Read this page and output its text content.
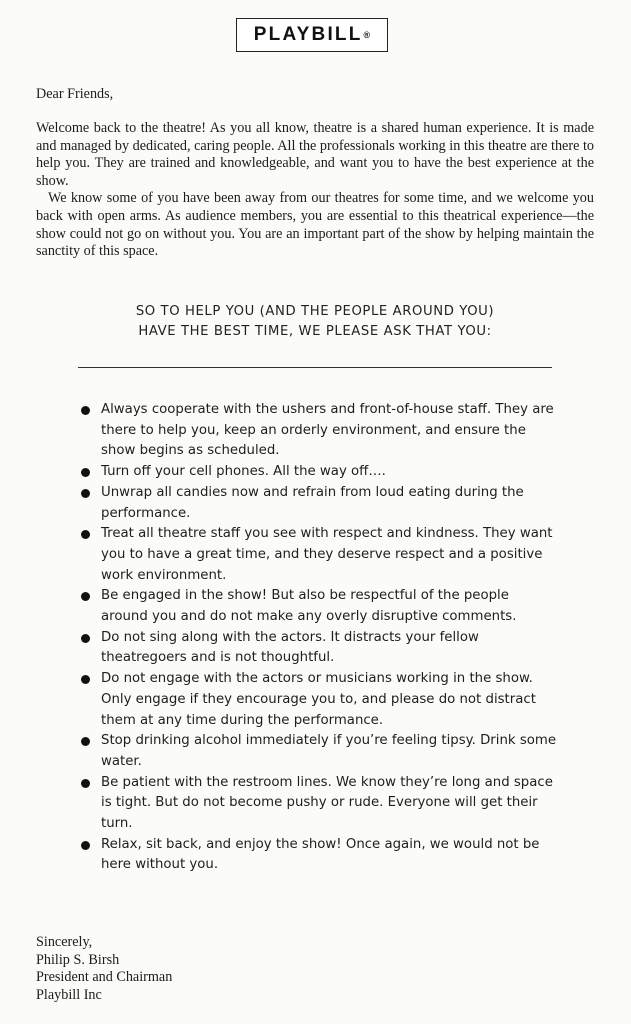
PLAYBILL ®
Dear Friends,

Welcome back to the theatre! As you all know, theatre is a shared human experience. It is made and managed by dedicated, caring people. All the professionals working in this theatre are there to help you. They are trained and knowledgeable, and want you to have the best experience at the show.

We know some of you have been away from our theatres for some time, and we welcome you back with open arms. As audience members, you are essential to this theatrical experience—the show could not go on without you. You are an important part of the show by helping maintain the sanctity of this space.

SO TO HELP YOU (AND THE PEOPLE AROUND YOU)
HAVE THE BEST TIME, WE PLEASE ASK THAT YOU:
Always cooperate with the ushers and front-of-house staff. They are there to help you, keep an orderly environment, and ensure the show begins as scheduled.
Turn off your cell phones. All the way off….
Unwrap all candies now and refrain from loud eating during the performance.
Treat all theatre staff you see with respect and kindness. They want you to have a great time, and they deserve respect and a positive work environment.
Be engaged in the show! But also be respectful of the people around you and do not make any overly disruptive comments.
Do not sing along with the actors. It distracts your fellow theatregoers and is not thoughtful.
Do not engage with the actors or musicians working in the show. Only engage if they encourage you to, and please do not distract them at any time during the performance.
Stop drinking alcohol immediately if you’re feeling tipsy. Drink some water.
Be patient with the restroom lines. We know they’re long and space is tight. But do not become pushy or rude. Everyone will get their turn.
Relax, sit back, and enjoy the show! Once again, we would not be here without you.
Sincerely,
Philip S. Birsh
President and Chairman
Playbill Inc
